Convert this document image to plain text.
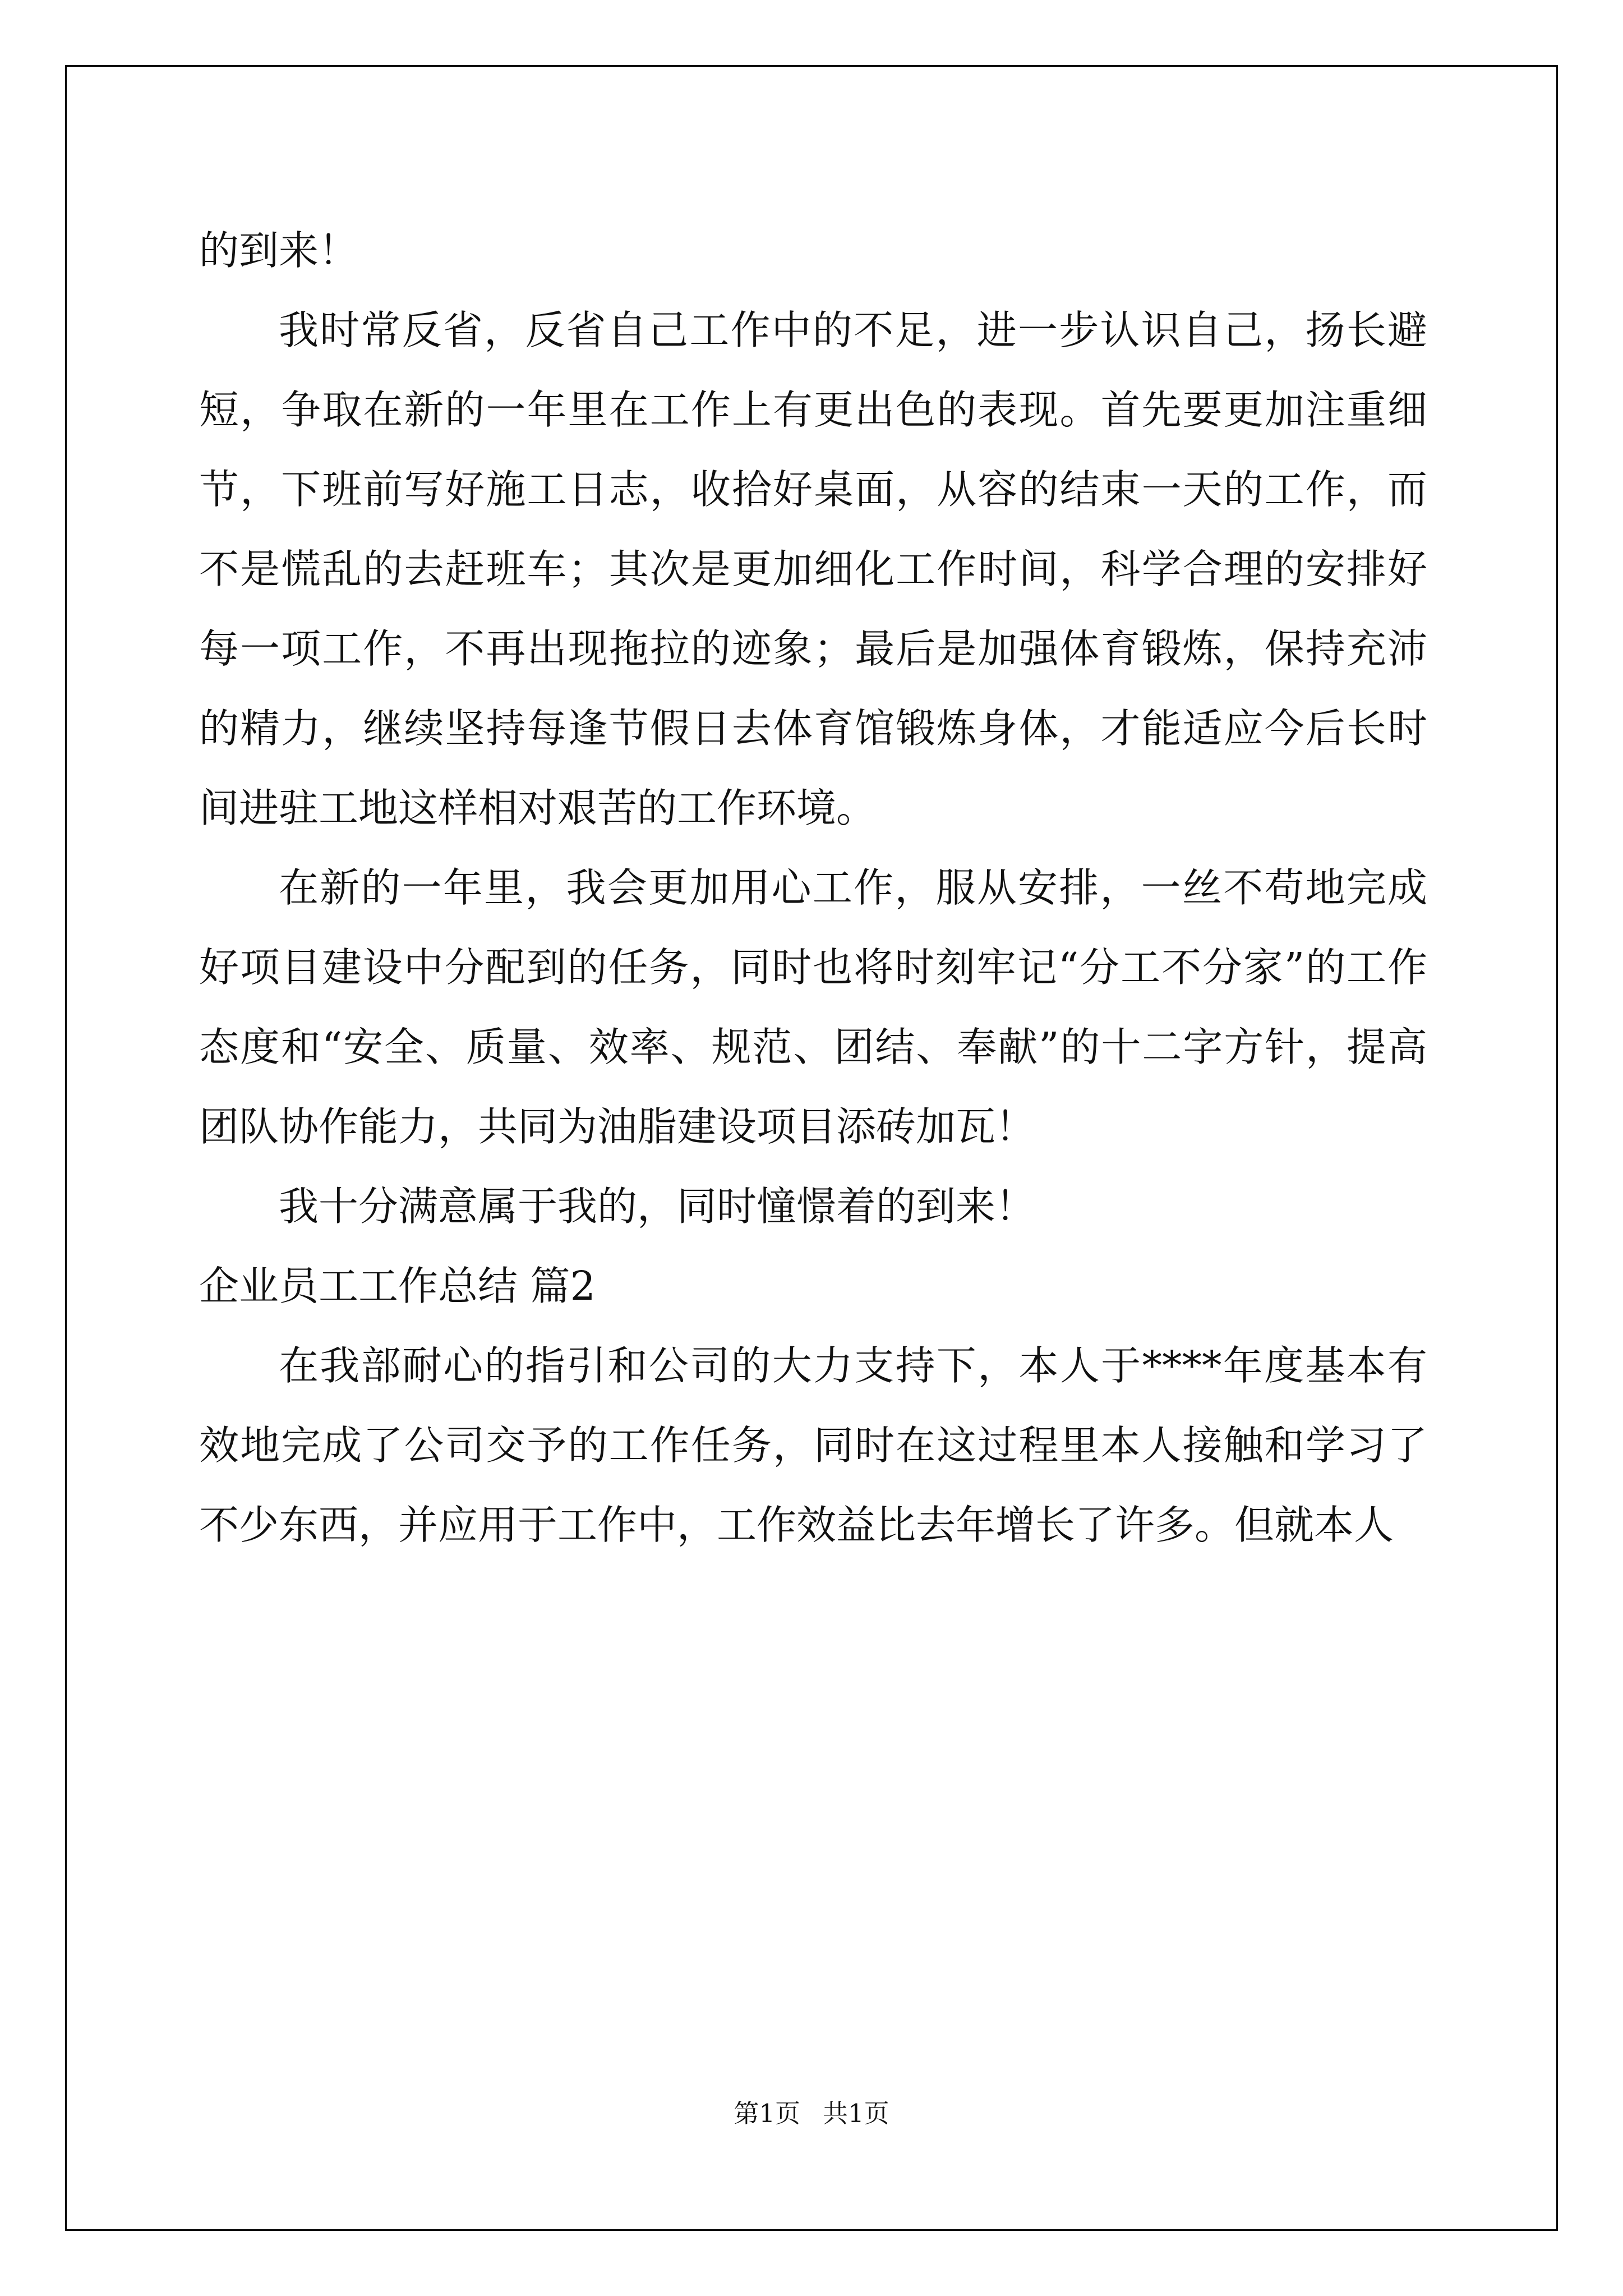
的到来！

我时常反省，反省自己工作中的不足，进一步认识自己，扬长避短，争取在新的一年里在工作上有更出色的表现。首先要更加注重细节，下班前写好施工日志，收拾好桌面，从容的结束一天的工作，而不是慌乱的去赶班车；其次是更加细化工作时间，科学合理的安排好每一项工作，不再出现拖拉的迹象；最后是加强体育锻炼，保持充沛的精力，继续坚持每逢节假日去体育馆锻炼身体，才能适应今后长时间进驻工地这样相对艰苦的工作环境。

在新的一年里，我会更加用心工作，服从安排，一丝不苟地完成好项目建设中分配到的任务，同时也将时刻牢记“分工不分家”的工作态度和“安全、质量、效率、规范、团结、奉献”的十二字方针，提高团队协作能力，共同为油脂建设项目添砖加瓦！

我十分满意属于我的，同时憧憬着的到来！

企业员工工作总结 篇2

在我部耐心的指引和公司的大力支持下，本人于****年度基本有效地完成了公司交予的工作任务，同时在这过程里本人接触和学习了不少东西，并应用于工作中，工作效益比去年增长了许多。但就本人

第1页 共1页
